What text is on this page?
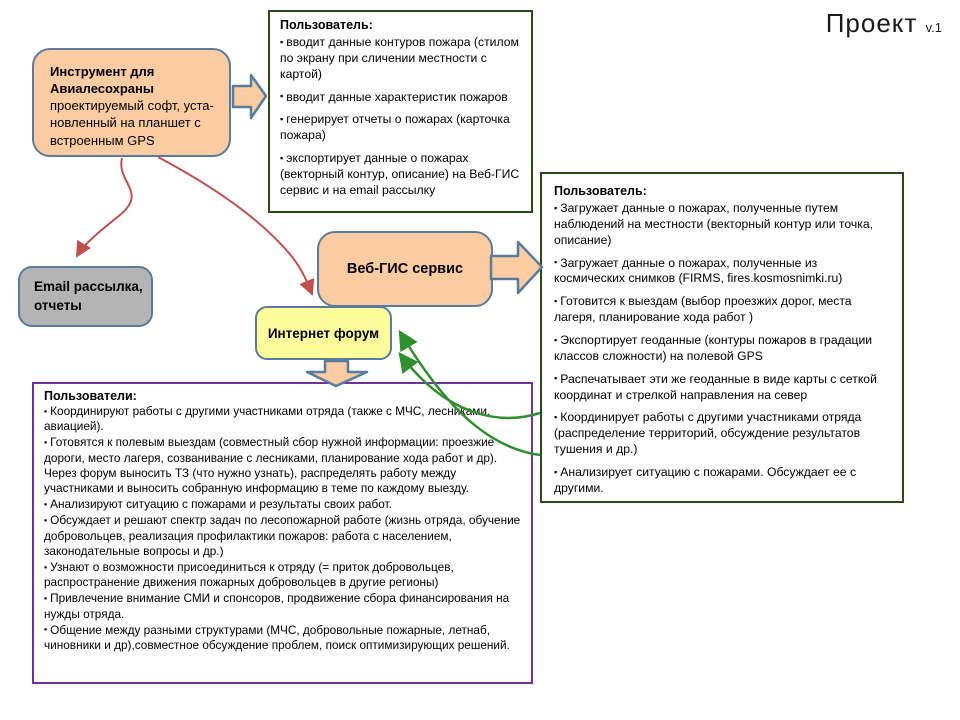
Проект v.1
Инструмент для Авиалесохраны проектируемый софт, уста-новленный на планшет с встроенным GPS
Пользователь:
▪ вводит данные контуров пожара (стилом по экрану при сличении местности с картой)
▪ вводит данные характеристик пожаров
▪ генерирует отчеты о пожарах (карточка пожара)
▪ экспортирует данные о пожарах (векторный контур, описание) на Веб-ГИС сервис и на email рассылку	Пользователь:
▪ Загружает данные о пожарах, полученные путем наблюдений на местности (векторный контур или точка, описание)
▪ Загружает данные о пожарах, полученные из космических снимков (FIRMS, fires.kosmosnimki.ru)
▪ Готовится к выездам (выбор проезжих дорог, места лагеря, планирование хода работ )
▪ Экспортирует геоданные (контуры пожаров в градации классов сложности) на полевой GPS
▪ Распечатывает эти же геоданные в виде карты с сеткой координат и стрелкой направления на север
▪ Координирует работы с другими участниками отряда (распределение территорий, обсуждение результатов тушения и др.)
▪ Анализирует ситуацию с пожарами. Обсуждает ее с другими.
Пользователи:
▪ Координируют работы с другими участниками отряда (также с МЧС, лесниками, авиацией).
▪ Готовятся к полевым выездам (совместный сбор нужной информации: проезжие дороги, место лагеря, созванивание с лесниками, планирование хода работ и др). Через форум выносить ТЗ (что нужно узнать), распределять работу между участниками и выносить собранную информацию в теме по каждому выезду.
▪ Анализируют ситуацию с пожарами и результаты своих работ.
▪ Обсуждает и решают спектр задач по лесопожарной работе (жизнь отряда, обучение добровольцев, реализация профилактики пожаров: работа с населением, законодательные вопросы и др.)
▪ Узнают о возможности присоединиться к отряду (= приток добровольцев, распространение движения пожарных добровольцев в другие регионы)
▪ Привлечение внимание СМИ и спонсоров, продвижение сбора финансирования на нужды отряда.
▪ Общение между разными структурами (МЧС, добровольные пожарные, летнаб, чиновники и др),совместное обсуждение проблем, поиск оптимизирующих решений.
Веб-ГИС сервис
Интернет форум
Email рассылка, отчеты
